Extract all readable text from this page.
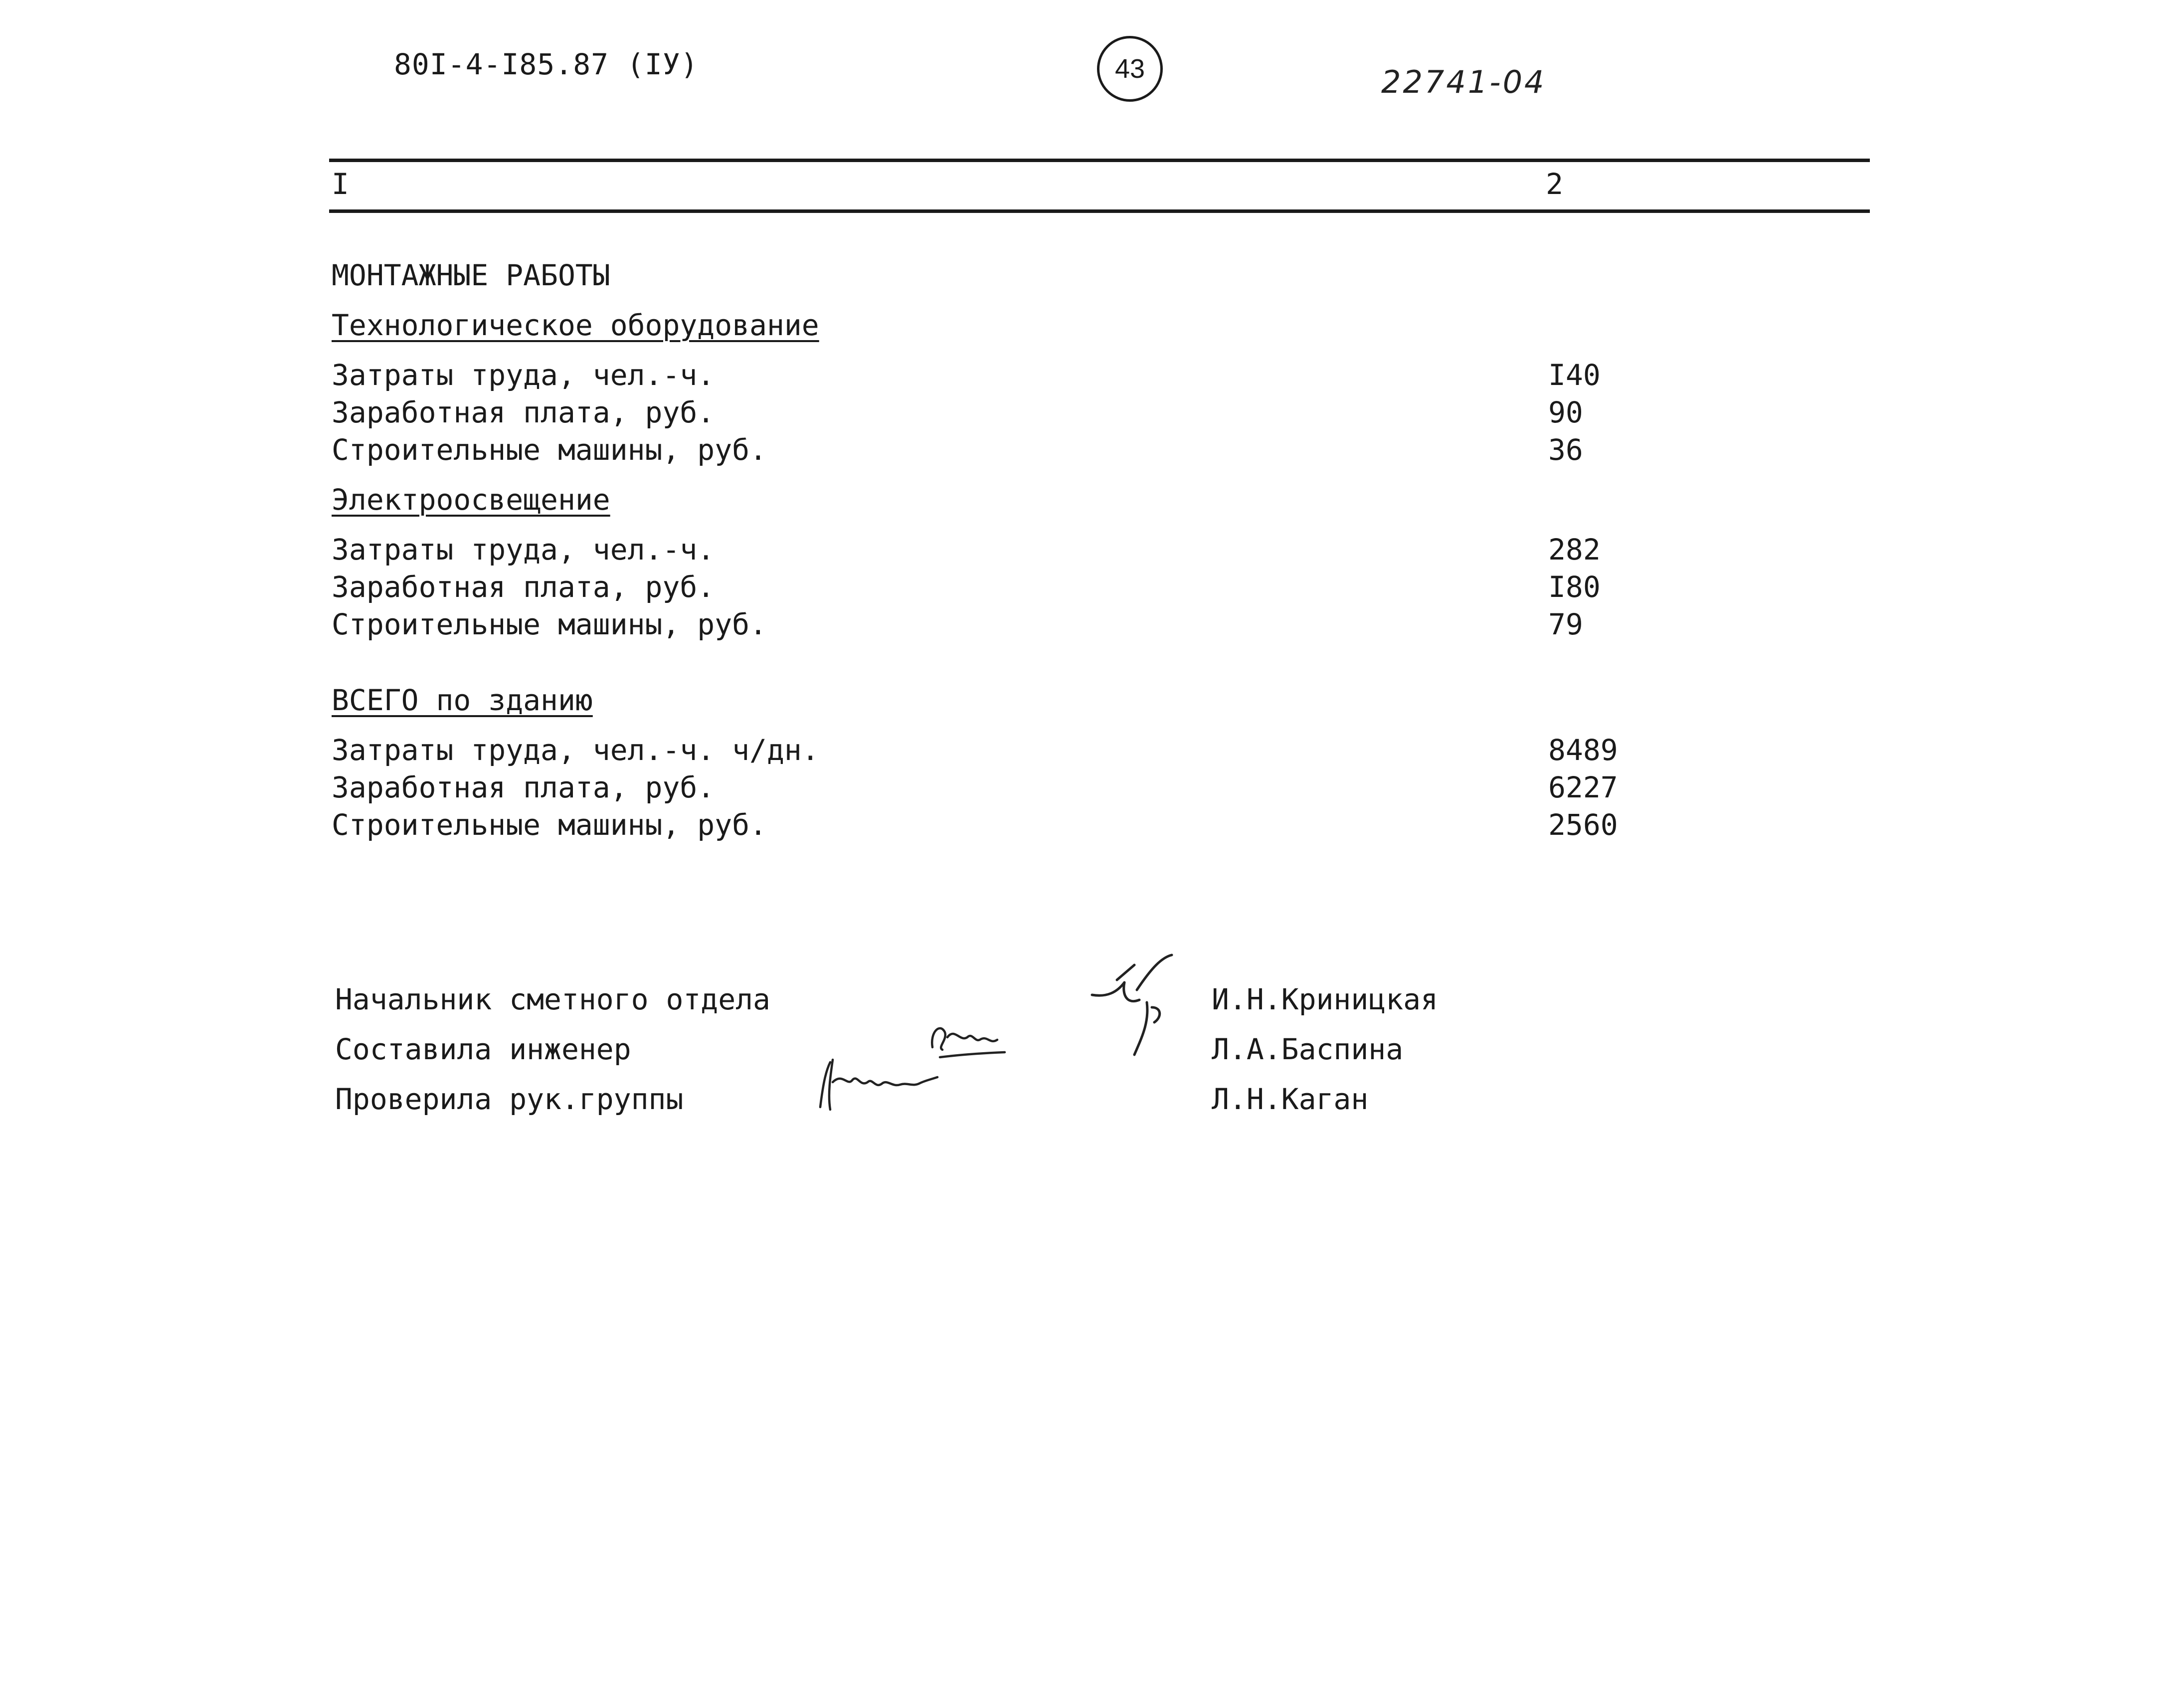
80I-4-I85.87 (IУ)	43	22741-04
I	2
МОНТАЖНЫЕ РАБОТЫ
Технологическое оборудование
Затраты труда, чел.-ч.	I40
Заработная плата, руб.	90
Строительные машины, руб.	36
Электроосвещение
Затраты труда, чел.-ч.	282
Заработная плата, руб.	I80
Строительные машины, руб.	79
ВСЕГО по зданию
Затраты труда, чел.-ч. ч/дн.	8489
Заработная плата, руб.	6227
Строительные машины, руб.	2560
Начальник сметного отдела	И.Н.Криницкая
Составила инженер	Л.А.Баспина
Проверила рук.группы	Л.Н.Каган
